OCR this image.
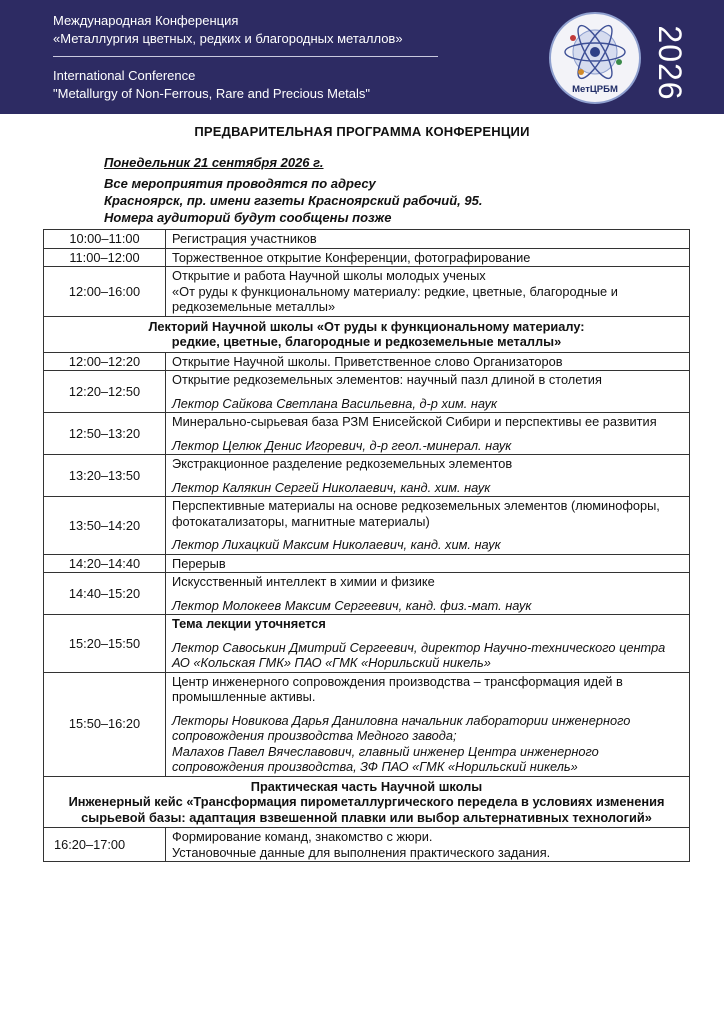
Международная Конференция
«Металлургия цветных, редких и благородных металлов»
International Conference
"Metallurgy of Non-Ferrous, Rare and Precious Metals"	МетЦРБМ	2026
ПРЕДВАРИТЕЛЬНАЯ ПРОГРАММА КОНФЕРЕНЦИИ
Понедельник 21 сентября 2026 г.
Все мероприятия проводятся по адресу
Красноярск, пр. имени газеты Красноярский рабочий, 95.
Номера аудиторий будут сообщены позже
10:00–11:00	Регистрация участников
11:00–12:00	Торжественное открытие Конференции, фотографирование
12:00–16:00	Открытие и работа Научной школы молодых ученых
«От руды к функциональному материалу: редкие, цветные, благородные и редкоземельные металлы»

Лекторий Научной школы «От руды к функциональному материалу:
редкие, цветные, благородные и редкоземельные металлы»	

12:00–12:20	Открытие Научной школы. Приветственное слово Организаторов
12:20–12:50	Открытие редкоземельных элементов: научный пазл длиной в столетия
Лектор Сайкова Светлана Васильевна, д-р хим. наук

12:50–13:20	Минерально-сырьевая база РЗМ Енисейской Сибири и перспективы ее развития
Лектор Целюк Денис Игоревич, д-р геол.-минерал. наук

13:20–13:50	Экстракционное разделение редкоземельных элементов
Лектор Калякин Сергей Николаевич, канд. хим. наук

13:50–14:20	Перспективные материалы на основе редкоземельных элементов (люминофоры, фотокатализаторы, магнитные материалы)
Лектор Лихацкий Максим Николаевич, канд. хим. наук

14:20–14:40	Перерыв
14:40–15:20	Искусственный интеллект в химии и физике
Лектор Молокеев Максим Сергеевич, канд. физ.-мат. наук

15:20–15:50	Тема лекции уточняется
Лектор Савоськин Дмитрий Сергеевич, директор Научно-технического центра АО «Кольская ГМК» ПАО «ГМК «Норильский никель»

15:50–16:20	Центр инженерного сопровождения производства – трансформация идей в промышленные активы.
Лекторы Новикова Дарья Даниловна начальник лаборатории инженерного сопровождения производства Медного завода;
Малахов Павел Вячеславович, главный инженер Центра инженерного сопровождения производства, ЗФ ПАО «ГМК «Норильский никель»

Практическая часть Научной школы
Инженерный кейс «Трансформация пирометаллургического передела в условиях изменения сырьевой базы: адаптация взвешенной плавки или выбор альтернативных технологий»	

16:20–17:00	Формирование команд, знакомство с жюри.
Установочные данные для выполнения практического задания.
